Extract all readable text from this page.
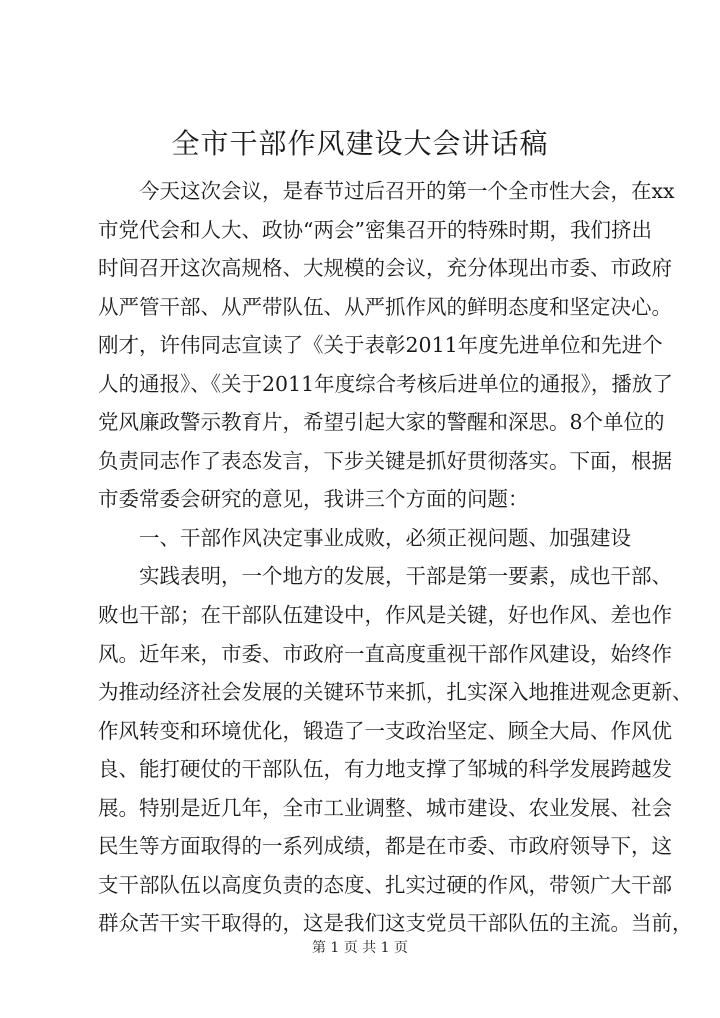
全市干部作风建设大会讲话稿
今天这次会议，是春节过后召开的第一个全市性大会，在xx
市党代会和人大、政协“两会”密集召开的特殊时期，我们挤出
时间召开这次高规格、大规模的会议，充分体现出市委、市政府
从严管干部、从严带队伍、从严抓作风的鲜明态度和坚定决心。
刚才，许伟同志宣读了《关于表彰2011年度先进单位和先进个
人的通报》、《关于2011年度综合考核后进单位的通报》，播放了
党风廉政警示教育片，希望引起大家的警醒和深思。8个单位的
负责同志作了表态发言，下步关键是抓好贯彻落实。下面，根据
市委常委会研究的意见，我讲三个方面的问题：
一、干部作风决定事业成败，必须正视问题、加强建设
实践表明，一个地方的发展，干部是第一要素，成也干部、
败也干部；在干部队伍建设中，作风是关键，好也作风、差也作
风。近年来，市委、市政府一直高度重视干部作风建设，始终作
为推动经济社会发展的关键环节来抓，扎实深入地推进观念更新、
作风转变和环境优化，锻造了一支政治坚定、顾全大局、作风优
良、能打硬仗的干部队伍，有力地支撑了邹城的科学发展跨越发
展。特别是近几年，全市工业调整、城市建设、农业发展、社会
民生等方面取得的一系列成绩，都是在市委、市政府领导下，这
支干部队伍以高度负责的态度、扎实过硬的作风，带领广大干部
群众苦干实干取得的，这是我们这支党员干部队伍的主流。当前，
第 1 页 共 1 页
